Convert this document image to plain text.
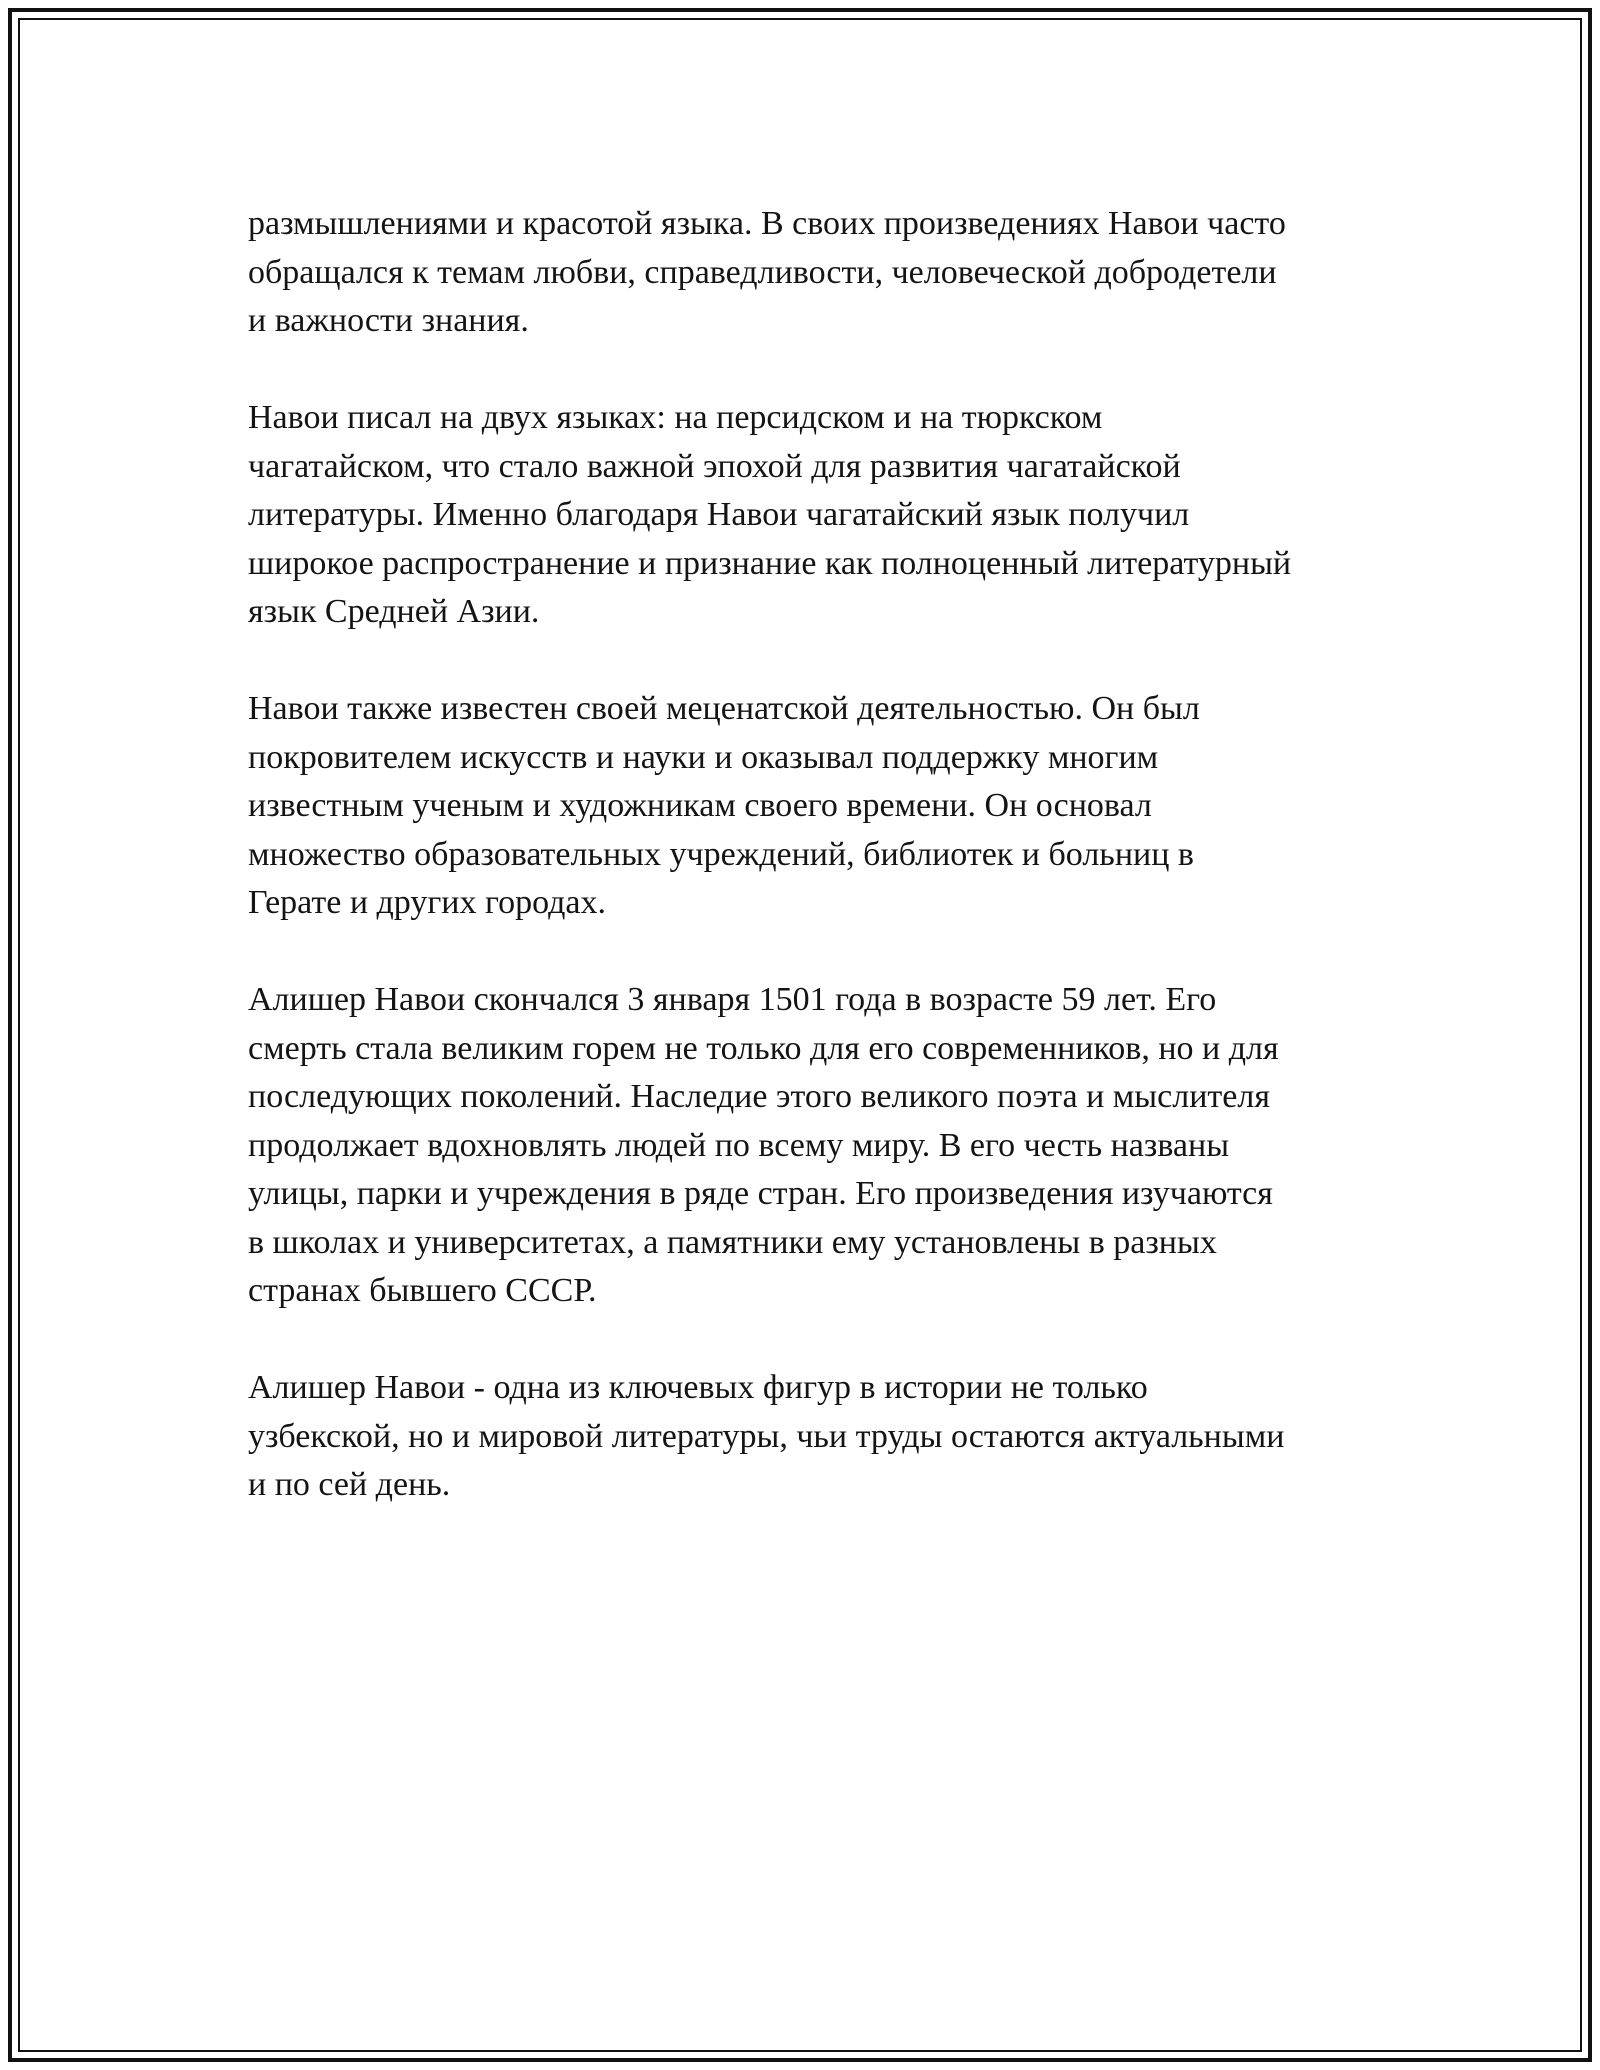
размышлениями и красотой языка. В своих произведениях Навои часто
обращался к темам любви, справедливости, человеческой добродетели
и важности знания.
Навои писал на двух языках: на персидском и на тюркском
чагатайском, что стало важной эпохой для развития чагатайской
литературы. Именно благодаря Навои чагатайский язык получил
широкое распространение и признание как полноценный литературный
язык Средней Азии.
Навои также известен своей меценатской деятельностью. Он был
покровителем искусств и науки и оказывал поддержку многим
известным ученым и художникам своего времени. Он основал
множество образовательных учреждений, библиотек и больниц в
Герате и других городах.
Алишер Навои скончался 3 января 1501 года в возрасте 59 лет. Его
смерть стала великим горем не только для его современников, но и для
последующих поколений. Наследие этого великого поэта и мыслителя
продолжает вдохновлять людей по всему миру. В его честь названы
улицы, парки и учреждения в ряде стран. Его произведения изучаются
в школах и университетах, а памятники ему установлены в разных
странах бывшего СССР.
Алишер Навои - одна из ключевых фигур в истории не только
узбекской, но и мировой литературы, чьи труды остаются актуальными
и по сей день.
